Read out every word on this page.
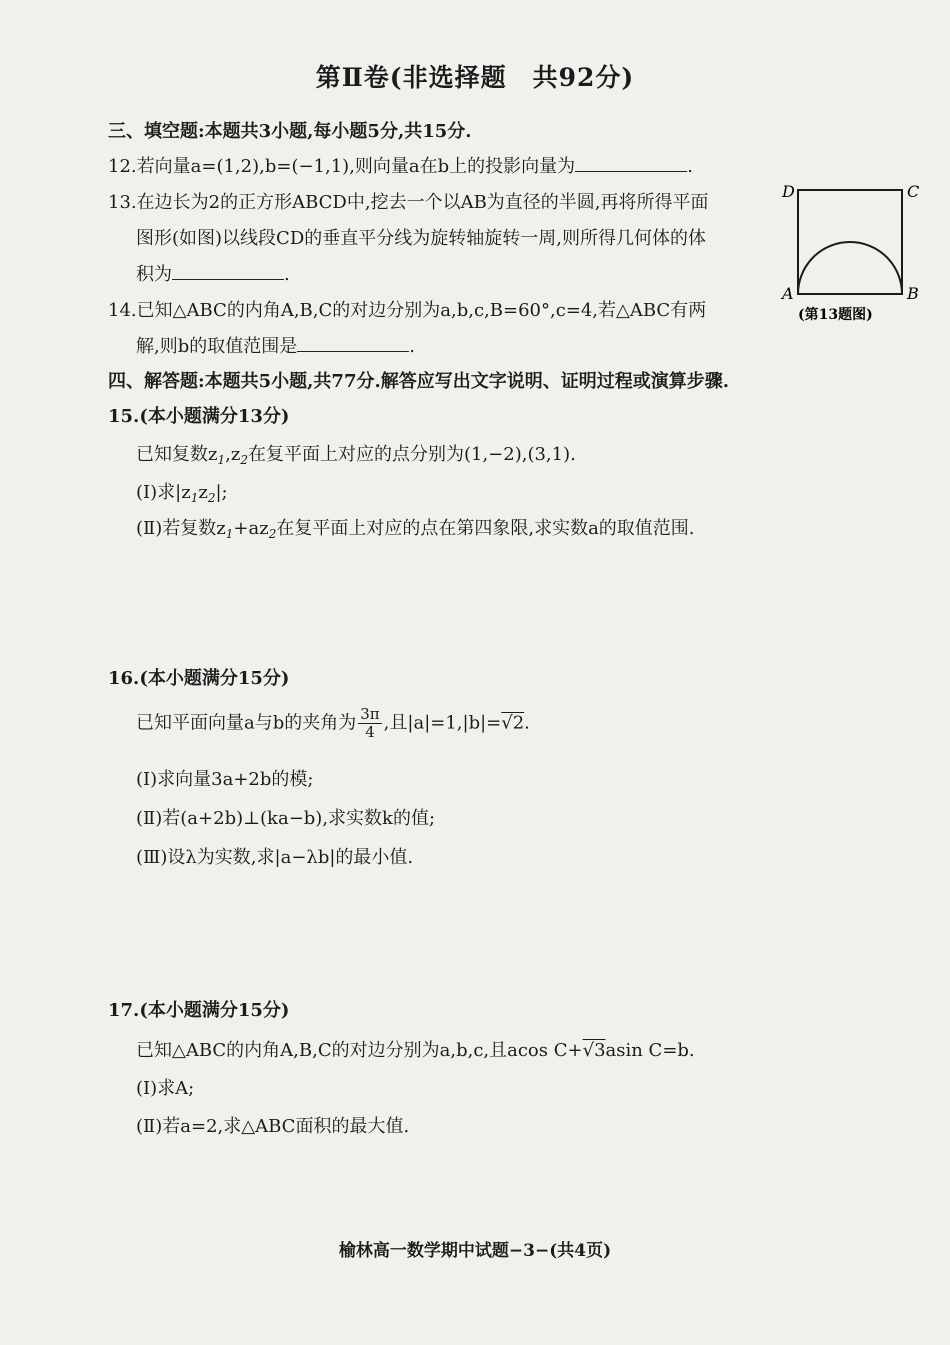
第Ⅱ卷(非选择题　共92分)
三、填空题:本题共3小题,每小题5分,共15分.
12.若向量a=(1,2),b=(−1,1),则向量a在b上的投影向量为	.
13.在边长为2的正方形ABCD中,挖去一个以AB为直径的半圆,再将所得平面
图形(如图)以线段CD的垂直平分线为旋转轴旋转一周,则所得几何体的体
积为	.
D	C
A	B
(第13题图)
14.已知△ABC的内角A,B,C的对边分别为a,b,c,B=60°,c=4,若△ABC有两
解,则b的取值范围是	.
四、解答题:本题共5小题,共77分.解答应写出文字说明、证明过程或演算步骤.
15.(本小题满分13分)
已知复数$z_1,z_2$在复平面上对应的点分别为(1,−2),(3,1).
(Ⅰ)求$|z_1z_2|$;
(Ⅱ)若复数$z_1+az_2$在复平面上对应的点在第四象限,求实数a的取值范围.
16.(本小题满分15分)
已知平面向量a与b的夹角为 $\frac{3\pi}{4}$ ,且|a|=1,|b|=√2.
(Ⅰ)求向量3a+2b的模;
(Ⅱ)若(a+2b)⊥(ka−b),求实数k的值;
(Ⅲ)设λ为实数,求|a−λb|的最小值.
17.(本小题满分15分)
已知△ABC的内角A,B,C的对边分别为a,b,c,且acos C+√3asin C=b.
(Ⅰ)求A;
(Ⅱ)若a=2,求△ABC面积的最大值.
榆林高一数学期中试题−3−(共4页)
